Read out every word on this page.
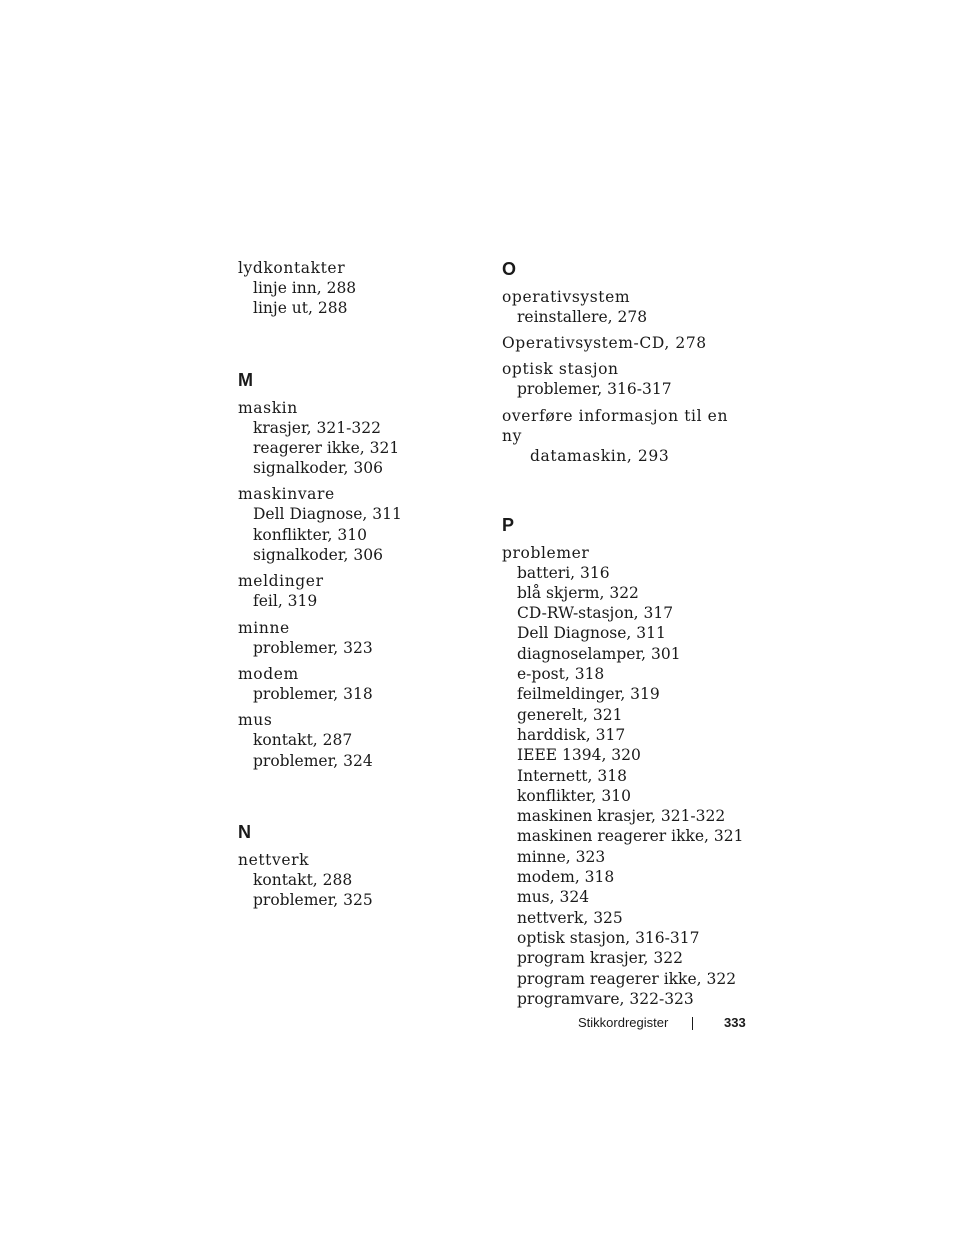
lydkontakter
linje inn, 288
linje ut, 288
M
maskin
krasjer, 321-322
reagerer ikke, 321
signalkoder, 306
maskinvare
Dell Diagnose, 311
konflikter, 310
signalkoder, 306
meldinger
feil, 319
minne
problemer, 323
modem
problemer, 318
mus
kontakt, 287
problemer, 324
N
nettverk
kontakt, 288
problemer, 325
O
operativsystem
reinstallere, 278
Operativsystem-CD, 278
optisk stasjon
problemer, 316-317
overføre informasjon til en ny
datamaskin, 293
P
problemer
batteri, 316
blå skjerm, 322
CD-RW-stasjon, 317
Dell Diagnose, 311
diagnoselamper, 301
e-post, 318
feilmeldinger, 319
generelt, 321
harddisk, 317
IEEE 1394, 320
Internett, 318
konflikter, 310
maskinen krasjer, 321-322
maskinen reagerer ikke, 321
minne, 323
modem, 318
mus, 324
nettverk, 325
optisk stasjon, 316-317
program krasjer, 322
program reagerer ikke, 322
programvare, 322-323
Stikkordregister	333
